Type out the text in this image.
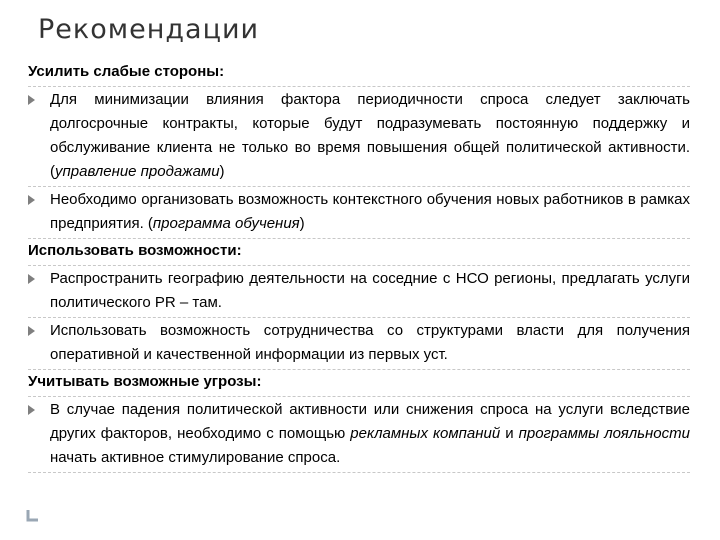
Рекомендации
Усилить слабые стороны:
Для минимизации влияния фактора периодичности спроса следует заключать долгосрочные контракты, которые будут подразумевать постоянную поддержку и обслуживание клиента не только во время повышения общей политической активности. (управление продажами)
Необходимо организовать возможность контекстного обучения новых работников в рамках предприятия. (программа обучения)
Использовать возможности:
Распространить географию деятельности на соседние с НСО регионы, предлагать услуги политического PR – там.
Использовать возможность сотрудничества со структурами власти для получения оперативной и качественной информации из первых уст.
Учитывать возможные угрозы:
В случае падения политической активности или снижения спроса на услуги вследствие других факторов, необходимо с помощью рекламных компаний и программы лояльности начать активное стимулирование спроса.
